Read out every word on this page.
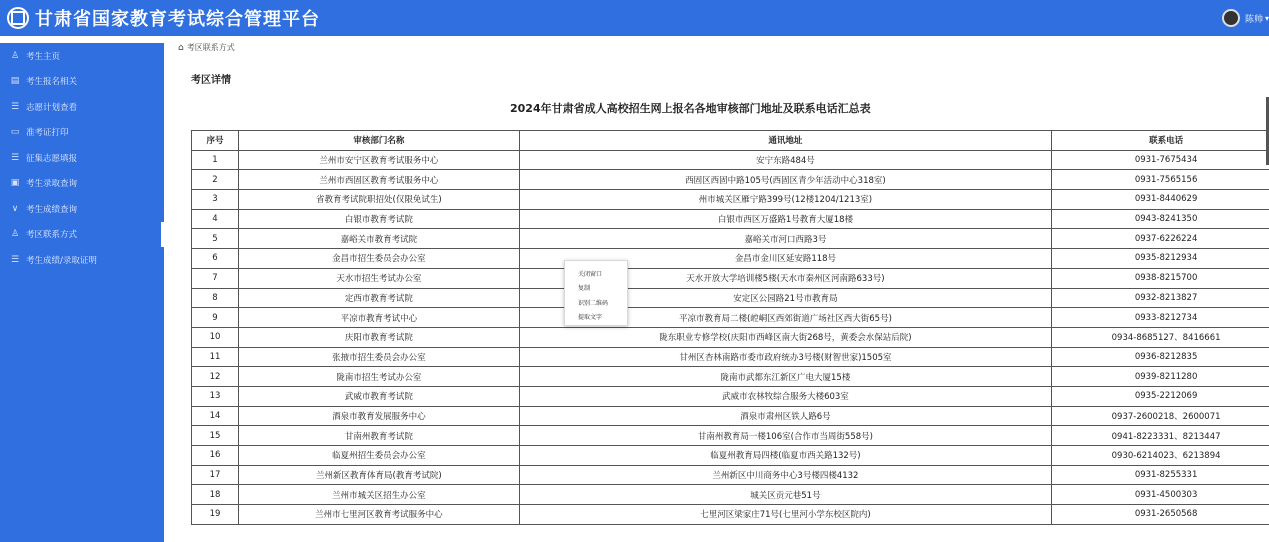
甘肃省国家教育考试综合管理平台	陈帅 ▾
♙ 考生主页
▤ 考生报名相关
☰ 志愿计划查看
▭ 准考证打印
☰ 征集志愿填报
▣ 考生录取查询
∨ 考生成绩查询
♙ 考区联系方式
☰ 考生成绩/录取证明
⌂ 考区联系方式
考区详情
2024年甘肃省成人高校招生网上报名各地审核部门地址及联系电话汇总表
序号	审核部门名称	通讯地址	联系电话
1	兰州市安宁区教育考试服务中心	安宁东路484号	0931-7675434
2	兰州市西固区教育考试服务中心	西固区西固中路105号(西固区青少年活动中心318室)	0931-7565156
3	省教育考试院职招处(仅限免试生)	州市城关区雁宁路399号(12楼1204/1213室)	0931-8440629
4	白银市教育考试院	白银市西区万盛路1号教育大厦18楼	0943-8241350
5	嘉峪关市教育考试院	嘉峪关市河口西路3号	0937-6226224
6	金昌市招生委员会办公室	金昌市金川区延安路118号	0935-8212934
7	天水市招生考试办公室	天水开放大学培训楼5楼(天水市秦州区河南路633号)	0938-8215700
8	定西市教育考试院	安定区公园路21号市教育局	0932-8213827
9	平凉市教育考试中心	平凉市教育局二楼(崆峒区西郊街道广场社区西大街65号)	0933-8212734
10	庆阳市教育考试院	陇东职业专修学校(庆阳市西峰区南大街268号，黄委会水保站后院)	0934-8685127、8416661
11	张掖市招生委员会办公室	甘州区杏林南路市委市政府统办3号楼(财智世家)1505室	0936-8212835
12	陇南市招生考试办公室	陇南市武都东江新区广电大厦15楼	0939-8211280
13	武威市教育考试院	武威市农林牧综合服务大楼603室	0935-2212069
14	酒泉市教育发展服务中心	酒泉市肃州区铁人路6号	0937-2600218、2600071
15	甘南州教育考试院	甘南州教育局一楼106室(合作市当周街558号)	0941-8223331、8213447
16	临夏州招生委员会办公室	临夏州教育局四楼(临夏市西关路132号)	0930-6214023、6213894
17	兰州新区教育体育局(教育考试院)	兰州新区中川商务中心3号楼四楼4132	0931-8255331
18	兰州市城关区招生办公室	城关区贡元巷51号	0931-4500303
19	兰州市七里河区教育考试服务中心	七里河区梁家庄71号(七里河小学东校区院内)	0931-2650568
关闭窗口
复制
识别二维码
提取文字
